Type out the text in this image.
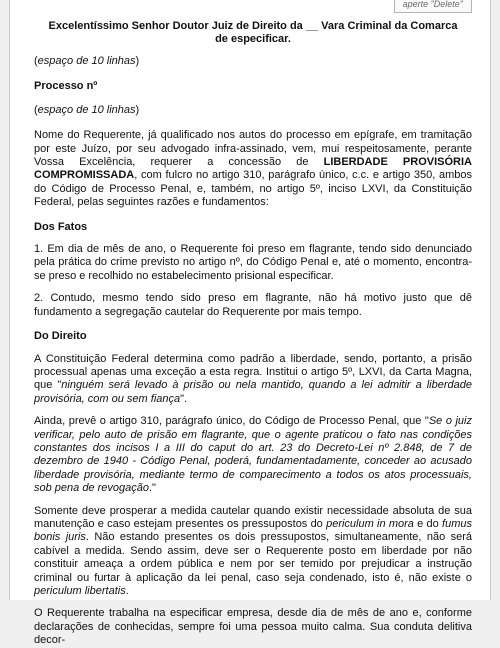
aperte "Delete"
Excelentíssimo Senhor Doutor Juiz de Direito da __ Vara Criminal da Comarca de especificar.

(espaço de 10 linhas)

Processo nº

(espaço de 10 linhas)

Nome do Requerente, já qualificado nos autos do processo em epígrafe, em tramitação por este Juízo, por seu advogado infra-assinado, vem, mui respeitosamente, perante Vossa Excelência, requerer a concessão de LIBERDADE PROVISÓRIA COMPROMISSADA, com fulcro no artigo 310, parágrafo único, c.c. e artigo 350, ambos do Código de Processo Penal, e, também, no artigo 5º, inciso LXVI, da Constituição Federal, pelas seguintes razões e fundamentos:

Dos Fatos

1. Em dia de mês de ano, o Requerente foi preso em flagrante, tendo sido denunciado pela prática do crime previsto no artigo nº, do Código Penal e, até o momento, encontra-se preso e recolhido no estabelecimento prisional especificar.

2. Contudo, mesmo tendo sido preso em flagrante, não há motivo justo que dê fundamento a segregação cautelar do Requerente por mais tempo.

Do Direito

A Constituição Federal determina como padrão a liberdade, sendo, portanto, a prisão processual apenas uma exceção a esta regra. Institui o artigo 5º, LXVI, da Carta Magna, que "ninguém será levado à prisão ou nela mantido, quando a lei admitir a liberdade provisória, com ou sem fiança".

Ainda, prevê o artigo 310, parágrafo único, do Código de Processo Penal, que "Se o juiz verificar, pelo auto de prisão em flagrante, que o agente praticou o fato nas condições constantes dos incisos I a III do caput do art. 23 do Decreto-Lei nº 2.848, de 7 de dezembro de 1940 - Código Penal, poderá, fundamentadamente, conceder ao acusado liberdade provisória, mediante termo de comparecimento a todos os atos processuais, sob pena de revogação."

Somente deve prosperar a medida cautelar quando existir necessidade absoluta de sua manutenção e caso estejam presentes os pressupostos do periculum in mora e do fumus bonis juris. Não estando presentes os dois pressupostos, simultaneamente, não será cabível a medida. Sendo assim, deve ser o Requerente posto em liberdade por não constituir ameaça a ordem pública e nem por ser temido por prejudicar a instrução criminal ou furtar à aplicação da lei penal, caso seja condenado, isto é, não existe o periculum libertatis.

O Requerente trabalha na especificar empresa, desde dia de mês de ano e, conforme declarações de conhecidas, sempre foi uma pessoa muito calma. Sua conduta delitiva decor-
